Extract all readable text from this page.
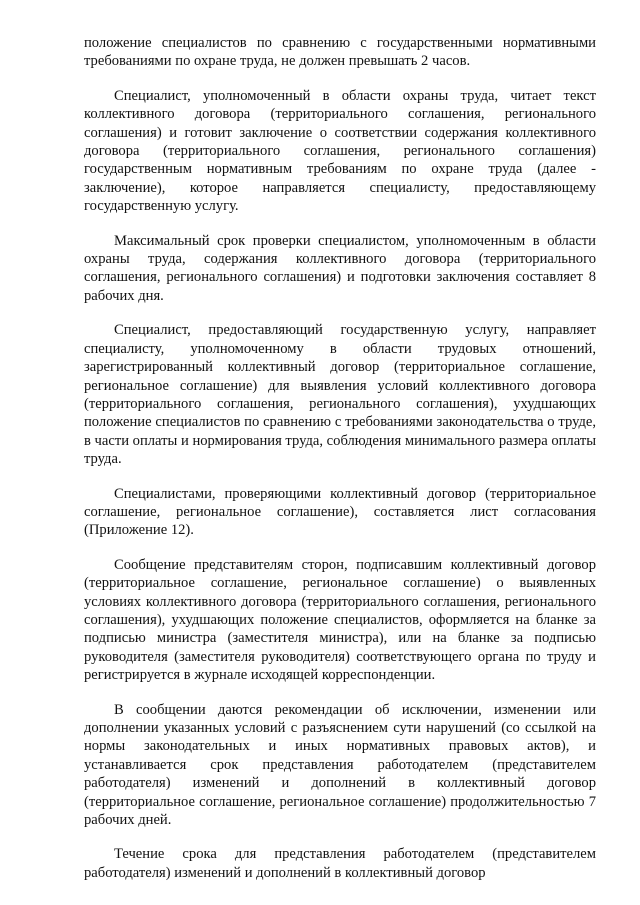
положение специалистов по сравнению с государственными нормативными требованиями по охране труда, не должен превышать 2 часов.

Специалист, уполномоченный в области охраны труда, читает текст коллективного договора (территориального соглашения, регионального соглашения) и готовит заключение о соответствии содержания коллективного договора (территориального соглашения, регионального соглашения) государственным нормативным требованиям по охране труда (далее - заключение), которое направляется специалисту, предоставляющему государственную услугу.

Максимальный срок проверки специалистом, уполномоченным в области охраны труда, содержания коллективного договора (территориального соглашения, регионального соглашения) и подготовки заключения составляет 8 рабочих дня.

Специалист, предоставляющий государственную услугу, направляет специалисту, уполномоченному в области трудовых отношений, зарегистрированный коллективный договор (территориальное соглашение, региональное соглашение) для выявления условий коллективного договора (территориального соглашения, регионального соглашения), ухудшающих положение специалистов по сравнению с требованиями законодательства о труде, в части оплаты и нормирования труда, соблюдения минимального размера оплаты труда.

Специалистами, проверяющими коллективный договор (территориальное соглашение, региональное соглашение), составляется лист согласования (Приложение 12).

Сообщение представителям сторон, подписавшим коллективный договор (территориальное соглашение, региональное соглашение) о выявленных условиях коллективного договора (территориального соглашения, регионального соглашения), ухудшающих положение специалистов, оформляется на бланке за подписью министра (заместителя министра), или на бланке за подписью руководителя (заместителя руководителя) соответствующего органа по труду и регистрируется в журнале исходящей корреспонденции.

В сообщении даются рекомендации об исключении, изменении или дополнении указанных условий с разъяснением сути нарушений (со ссылкой на нормы законодательных и иных нормативных правовых актов), и устанавливается срок представления работодателем (представителем работодателя) изменений и дополнений в коллективный договор (территориальное соглашение, региональное соглашение) продолжительностью 7 рабочих дней.

Течение срока для представления работодателем (представителем работодателя) изменений и дополнений в коллективный договор
